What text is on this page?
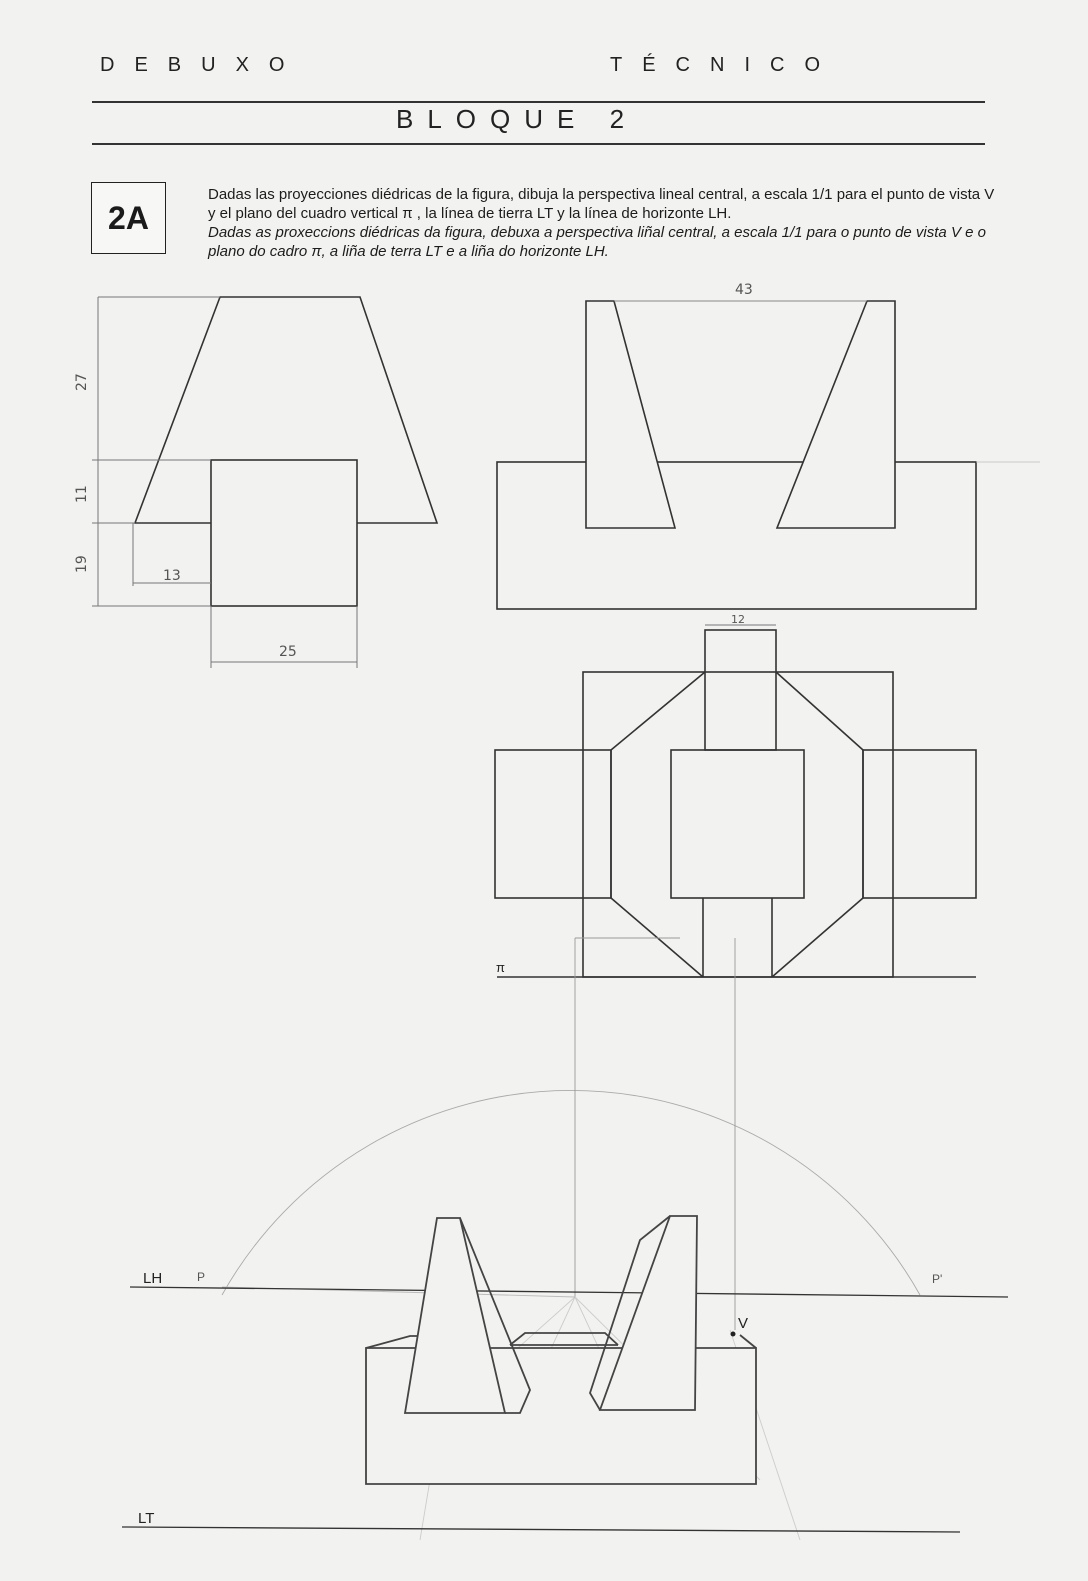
DEBUXO	TÉCNICO
BLOQUE 2
2A
Dadas las proyecciones diédricas de la figura, dibuja la perspectiva lineal central, a escala 1/1 para el punto de vista V y el plano del cuadro vertical π , la línea de tierra LT y la línea de horizonte LH.
Dadas as proxeccions diédricas da figura, debuxa a perspectiva liñal central, a escala 1/1 para o punto de vista V e o plano do cadro π, a liña de terra LT e a liña do horizonte LH.
27
11
19
13
25
43
12
π
LH
LT
V
P	P'
